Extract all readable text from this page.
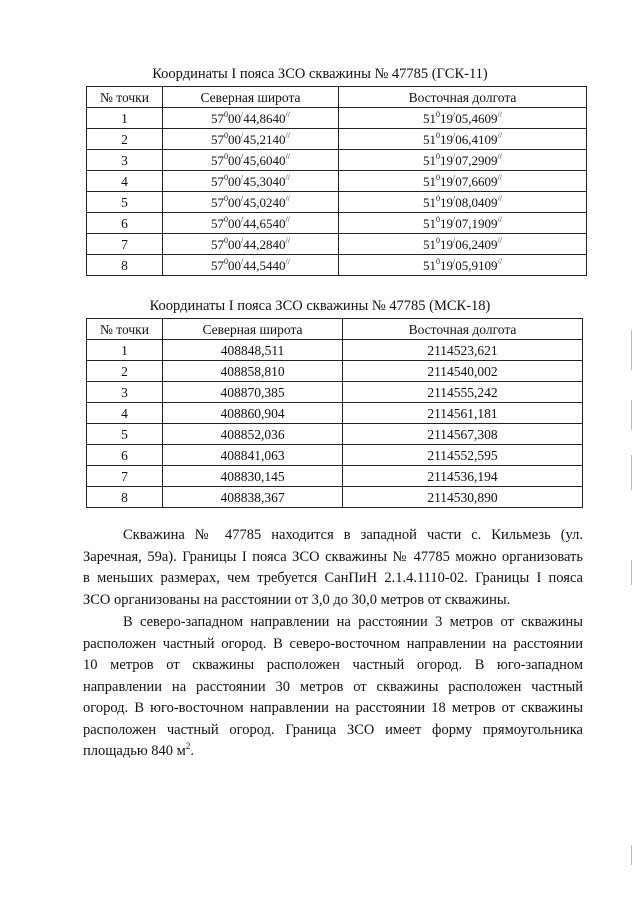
Координаты I пояса ЗСО скважины № 47785 (ГСК-11)
№ точки	Северная широта	Восточная долгота
1	$57^000^/44,8640^{//}$	$51^019^/05,4609^{//}$
2	$57^000^/45,2140^{//}$	$51^019^/06,4109^{//}$
3	$57^000^/45,6040^{//}$	$51^019^/07,2909^{//}$
4	$57^000^/45,3040^{//}$	$51^019^/07,6609^{//}$
5	$57^000^/45,0240^{//}$	$51^019^/08,0409^{//}$
6	$57^000^/44,6540^{//}$	$51^019^/07,1909^{//}$
7	$57^000^/44,2840^{//}$	$51^019^/06,2409^{//}$
8	$57^000^/44,5440^{//}$	$51^019^/05,9109^{//}$
Координаты I пояса ЗСО скважины № 47785 (МСК-18)
№ точки	Северная широта	Восточная долгота
1	408848,511	2114523,621
2	408858,810	2114540,002
3	408870,385	2114555,242
4	408860,904	2114561,181
5	408852,036	2114567,308
6	408841,063	2114552,595
7	408830,145	2114536,194
8	408838,367	2114530,890
Скважина № 47785 находится в западной части с. Кильмезь (ул.
Заречная, 59а). Границы I пояса ЗСО скважины № 47785 можно организовать
в меньших размерах, чем требуется СанПиН 2.1.4.1110-02. Границы I пояса
ЗСО организованы на расстоянии от 3,0 до 30,0 метров от скважины.
В северо-западном направлении на расстоянии 3 метров от скважины
расположен частный огород. В северо-восточном направлении на расстоянии
10 метров от скважины расположен частный огород. В юго-западном
направлении на расстоянии 30 метров от скважины расположен частный
огород. В юго-восточном направлении на расстоянии 18 метров от скважины
расположен частный огород. Граница ЗСО имеет форму прямоугольника
площадью 840 $м^2$.
